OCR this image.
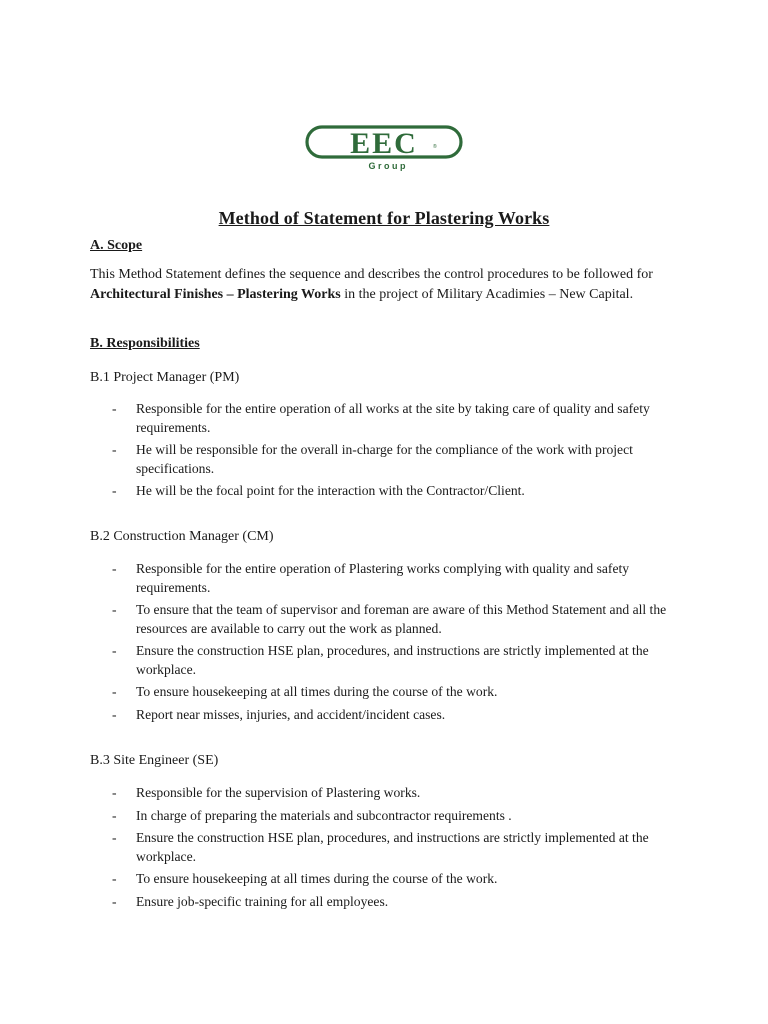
EEC	®
G r o u p
Method of Statement for Plastering Works
A. Scope
This Method Statement defines the sequence and describes the control procedures to be followed for Architectural Finishes – Plastering Works in the project of Military Acadimies – New Capital.
B. Responsibilities
B.1 Project Manager (PM)
- Responsible for the entire operation of all works at the site by taking care of quality and safety requirements.
- He will be responsible for the overall in-charge for the compliance of the work with project specifications.
- He will be the focal point for the interaction with the Contractor/Client.
B.2 Construction Manager (CM)
- Responsible for the entire operation of Plastering works complying with quality and safety requirements.
- To ensure that the team of supervisor and foreman are aware of this Method Statement and all the resources are available to carry out the work as planned.
- Ensure the construction HSE plan, procedures, and instructions are strictly implemented at the workplace.
- To ensure housekeeping at all times during the course of the work.
- Report near misses, injuries, and accident/incident cases.
B.3 Site Engineer (SE)
- Responsible for the supervision of Plastering works.
- In charge of preparing the materials and subcontractor requirements .
- Ensure the construction HSE plan, procedures, and instructions are strictly implemented at the workplace.
- To ensure housekeeping at all times during the course of the work.
- Ensure job-specific training for all employees.
